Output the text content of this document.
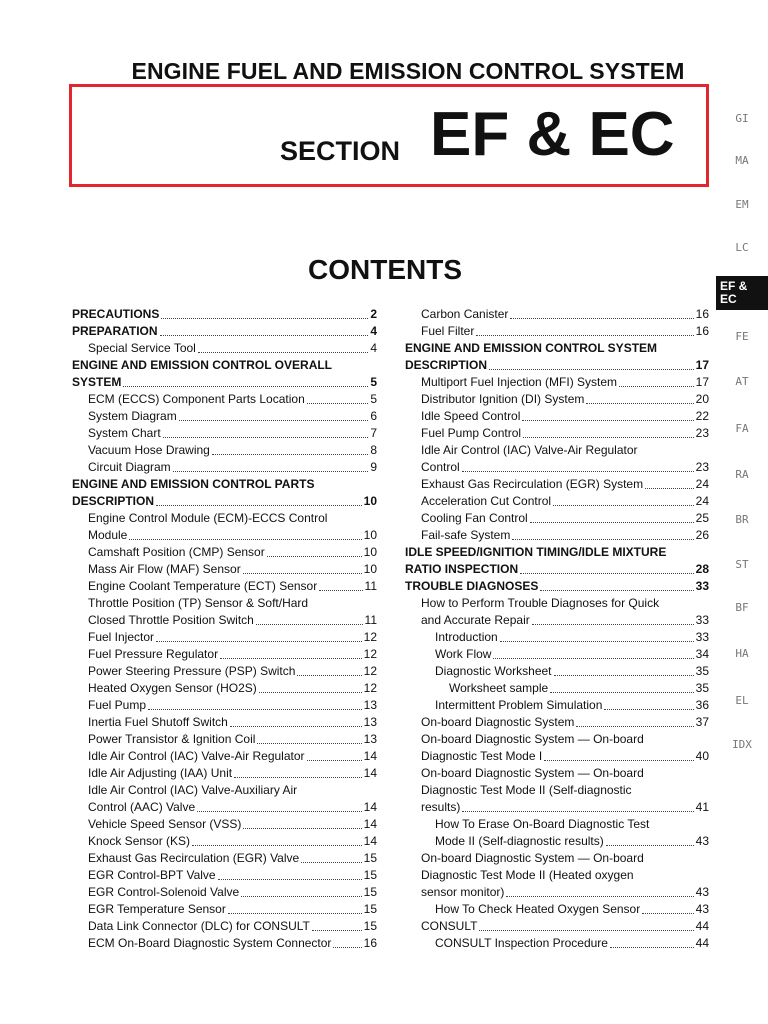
ENGINE FUEL AND EMISSION CONTROL SYSTEM
SECTION EF & EC
CONTENTS
PRECAUTIONS	2
PREPARATION	4
Special Service Tool	4
ENGINE AND EMISSION CONTROL OVERALL
SYSTEM	5
ECM (ECCS) Component Parts Location	5
System Diagram	6
System Chart	7
Vacuum Hose Drawing	8
Circuit Diagram	9
ENGINE AND EMISSION CONTROL PARTS
DESCRIPTION	10
Engine Control Module (ECM)-ECCS Control
Module	10
Camshaft Position (CMP) Sensor	10
Mass Air Flow (MAF) Sensor	10
Engine Coolant Temperature (ECT) Sensor	11
Throttle Position (TP) Sensor & Soft/Hard
Closed Throttle Position Switch	11
Fuel Injector	12
Fuel Pressure Regulator	12
Power Steering Pressure (PSP) Switch	12
Heated Oxygen Sensor (HO2S)	12
Fuel Pump	13
Inertia Fuel Shutoff Switch	13
Power Transistor & Ignition Coil	13
Idle Air Control (IAC) Valve-Air Regulator	14
Idle Air Adjusting (IAA) Unit	14
Idle Air Control (IAC) Valve-Auxiliary Air
Control (AAC) Valve	14
Vehicle Speed Sensor (VSS)	14
Knock Sensor (KS)	14
Exhaust Gas Recirculation (EGR) Valve	15
EGR Control-BPT Valve	15
EGR Control-Solenoid Valve	15
EGR Temperature Sensor	15
Data Link Connector (DLC) for CONSULT	15
ECM On-Board Diagnostic System Connector	16
Carbon Canister	16
Fuel Filter	16
ENGINE AND EMISSION CONTROL SYSTEM
DESCRIPTION	17
Multiport Fuel Injection (MFI) System	17
Distributor Ignition (DI) System	20
Idle Speed Control	22
Fuel Pump Control	23
Idle Air Control (IAC) Valve-Air Regulator
Control	23
Exhaust Gas Recirculation (EGR) System	24
Acceleration Cut Control	24
Cooling Fan Control	25
Fail-safe System	26
IDLE SPEED/IGNITION TIMING/IDLE MIXTURE
RATIO INSPECTION	28
TROUBLE DIAGNOSES	33
How to Perform Trouble Diagnoses for Quick
and Accurate Repair	33
Introduction	33
Work Flow	34
Diagnostic Worksheet	35
Worksheet sample	35
Intermittent Problem Simulation	36
On-board Diagnostic System	37
On-board Diagnostic System — On-board
Diagnostic Test Mode I	40
On-board Diagnostic System — On-board
Diagnostic Test Mode II (Self-diagnostic
results)	41
How To Erase On-Board Diagnostic Test
Mode II (Self-diagnostic results)	43
On-board Diagnostic System — On-board
Diagnostic Test Mode II (Heated oxygen
sensor monitor)	43
How To Check Heated Oxygen Sensor	43
CONSULT	44
CONSULT Inspection Procedure	44
GI
MA
EM
LC
EF & EC
FE
AT
FA
RA
BR
ST
BF
HA
EL
IDX
